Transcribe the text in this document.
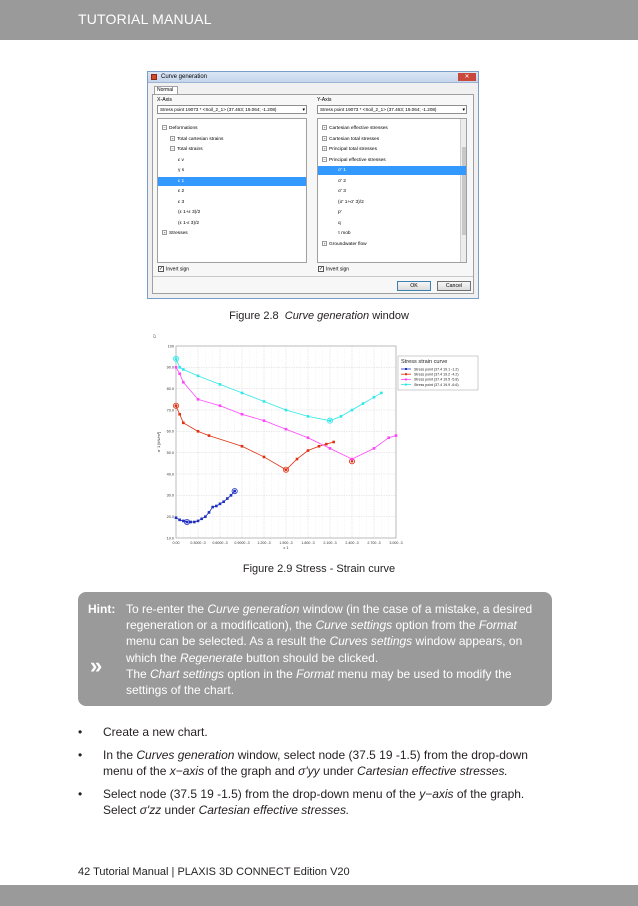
TUTORIAL MANUAL
Curve generation	✕
Normal
X-Axis	Y-Axis
Stress point 19073 * <Soil_2_1> (37.463; 19.064; -1.208)	▾	Stress point 19073 * <Soil_2_1> (37.463; 19.064; -1.208)	▾
− Deformations
+ Total cartesian strains
− Total strains
ε v
γ s
ε 1
ε 2
ε 3
(ε 1+ε 3)/2
(ε 1-ε 3)/2
+ Stresses
+ Cartesian effective stresses
+ Cartesian total stresses
+ Principal total stresses
− Principal effective stresses
σ' 1
σ' 2
σ' 3
(σ' 1+σ' 3)/2
p'
q
τ mob
+ Groundwater flow
✓ Invert sign	✓ Invert sign
OK	Cancel
Figure 2.8 Curve generation window
0.00	0.3000 -3 0.6000 -3 0.9000 -3 1.200 -3 1.500 -3 1.800 -3 2.100 -3 2.400 -3 2.700 -3 3.000 -3
10.0
20.0
30.0
40.0
50.0
60.0
70.0
80.0
90.0
100
ε 1
σ' 1 [kN/m²]
Cᵗ
Stress strain curve
Stress point (37.4 19.1 -1.2)
Stress point (37.4 19.2 -4.2)
Stress point (37.4 19.5 -5.8)
Stress point (37.4 19.9 -6.6)
Figure 2.9 Stress - Strain curve
Hint:
»

To re-enter the Curve generation window (in the case of a mistake, a desired regeneration or a modification), the Curve settings option from the Format menu can be selected. As a result the Curves settings window appears, on which the Regenerate button should be clicked.

The Chart settings option in the Format menu may be used to modify the settings of the chart.

• Create a new chart.
• In the Curves generation window, select node (37.5 19 -1.5) from the drop-down menu of the x−axis of the graph and σ'yy under Cartesian effective stresses.
• Select node (37.5 19 -1.5) from the drop-down menu of the y−axis of the graph. Select σ'zz under Cartesian effective stresses.
42 Tutorial Manual | PLAXIS 3D CONNECT Edition V20
